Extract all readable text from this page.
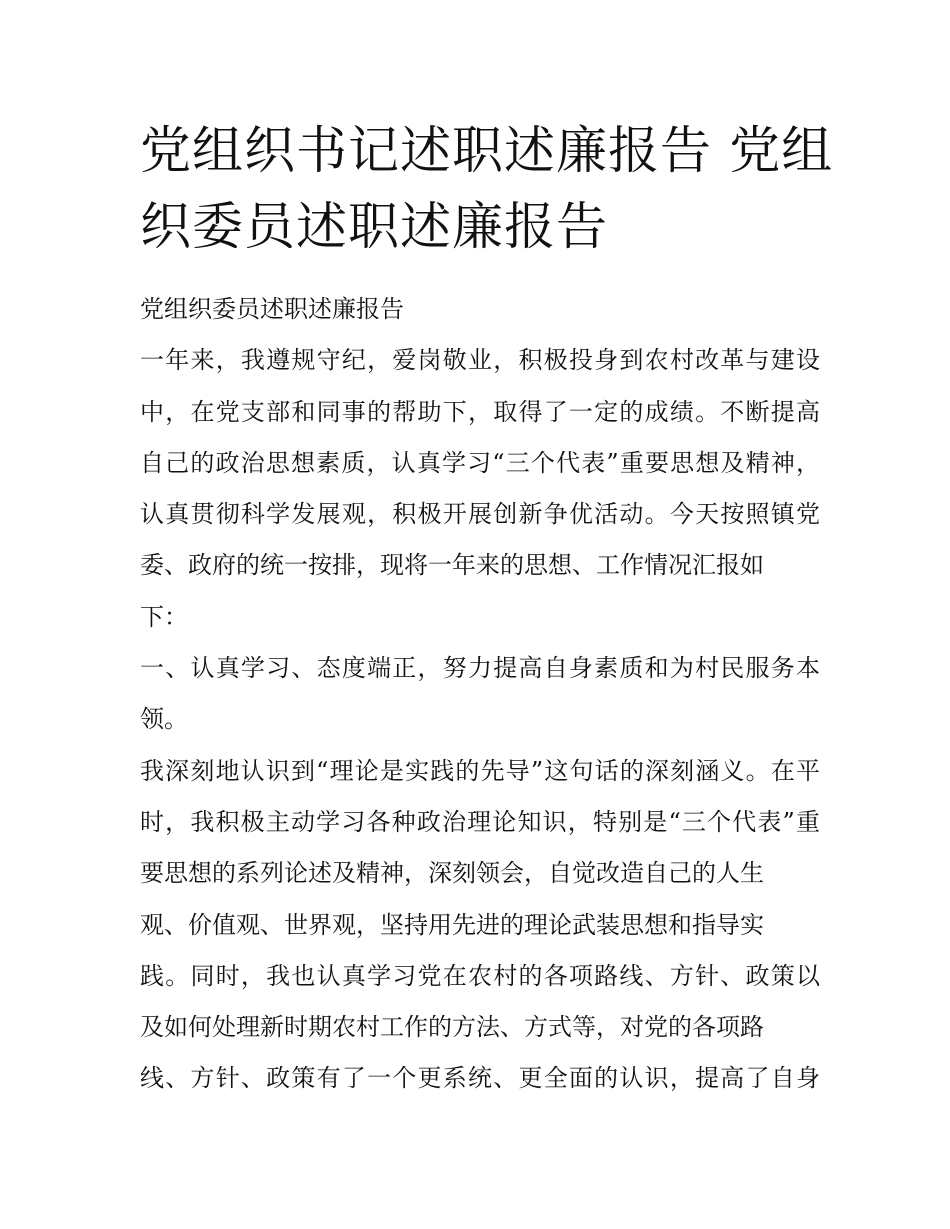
党组织书记述职述廉报告 党组
织委员述职述廉报告
党组织委员述职述廉报告
一年来，我遵规守纪，爱岗敬业，积极投身到农村改革与建设
中，在党支部和同事的帮助下，取得了一定的成绩。不断提高
自己的政治思想素质，认真学习“三个代表”重要思想及精神，
认真贯彻科学发展观，积极开展创新争优活动。今天按照镇党
委、政府的统一按排，现将一年来的思想、工作情况汇报如
下：
一、认真学习、态度端正，努力提高自身素质和为村民服务本
领。
我深刻地认识到“理论是实践的先导”这句话的深刻涵义。在平
时，我积极主动学习各种政治理论知识，特别是“三个代表”重
要思想的系列论述及精神，深刻领会，自觉改造自己的人生
观、价值观、世界观，坚持用先进的理论武装思想和指导实
践。同时，我也认真学习党在农村的各项路线、方针、政策以
及如何处理新时期农村工作的方法、方式等，对党的各项路
线、方针、政策有了一个更系统、更全面的认识，提高了自身
